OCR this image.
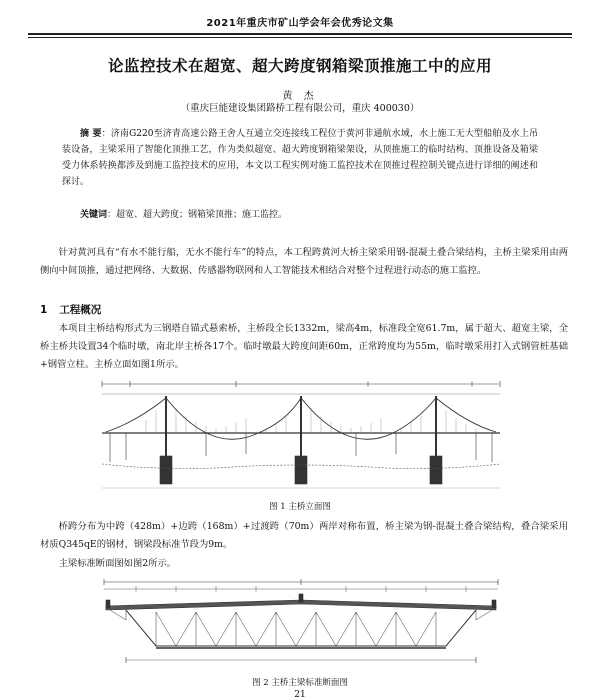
2021年重庆市矿山学会年会优秀论文集
论监控技术在超宽、超大跨度钢箱梁顶推施工中的应用
黄 杰
（重庆巨能建设集团路桥工程有限公司，重庆 400030）

摘 要：济南G220至济青高速公路王舍人互通立交连接线工程位于黄河非通航水域，水上施工无大型船舶及水上吊装设备，主梁采用了智能化顶推工艺，作为类似超宽、超大跨度钢箱梁架设，从顶推施工的临时结构、顶推设备及箱梁受力体系转换都涉及到施工监控技术的应用，本文以工程实例对施工监控技术在顶推过程控制关键点进行详细的阐述和探讨。

关键词：超宽、超大跨度；钢箱梁顶推；施工监控。

针对黄河具有“有水不能行船，无水不能行车”的特点，本工程跨黄河大桥主梁采用钢-混凝土叠合梁结构，主桥主梁采用由两侧向中间顶推，通过把网络、大数据、传感器物联网和人工智能技术相结合对整个过程进行动态的施工监控。

1 工程概况

本项目主桥结构形式为三钢塔自锚式悬索桥，主桥段全长1332m，梁高4m，标准段全宽61.7m，属于超大、超宽主梁，全桥主桥共设置34个临时墩，南北岸主桥各17个。临时墩最大跨度间距60m，正常跨度均为55m，临时墩采用打入式钢管桩基础+钢管立柱。主桥立面如图1所示。

图 1 主桥立面图

桥跨分布为中跨（428m）+边跨（168m）+过渡跨（70m）两岸对称布置，桥主梁为钢-混凝土叠合梁结构，叠合梁采用材质Q345qE的钢材，钢梁段标准节段为9m。

主梁标准断面图如图2所示。

图 2 主桥主梁标准断面图
21
